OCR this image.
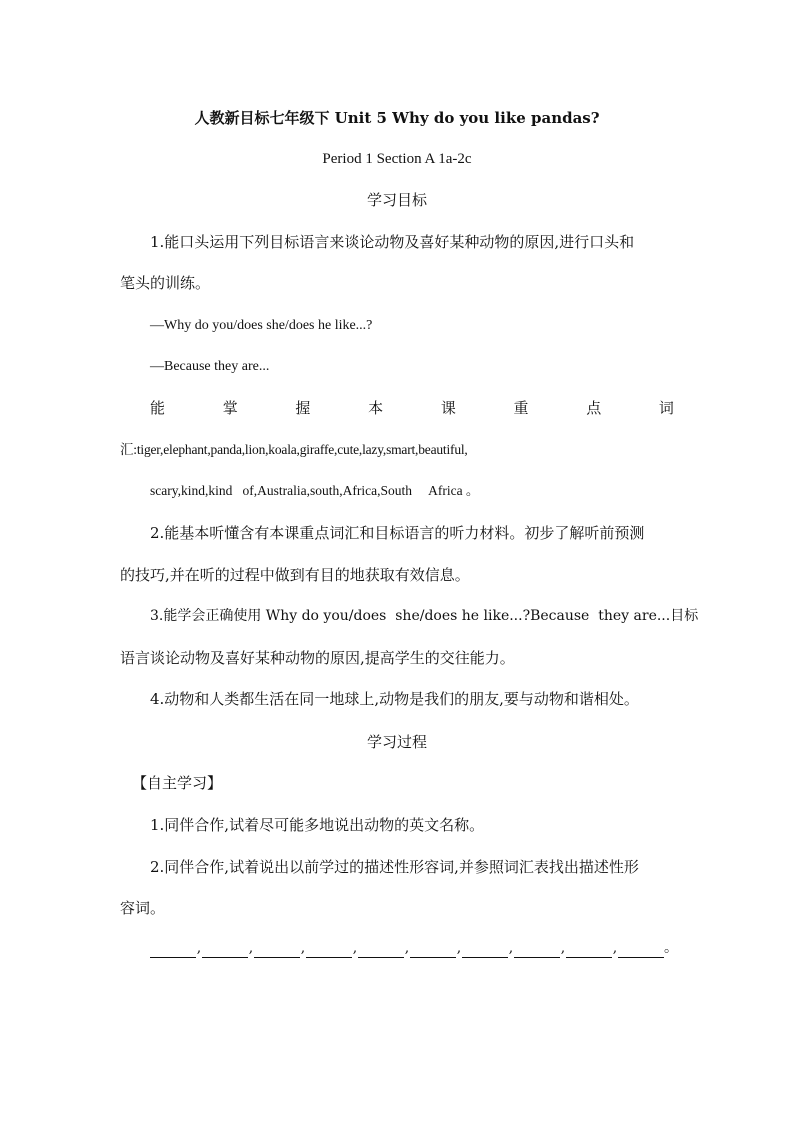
人教新目标七年级下 Unit 5 Why do you like pandas?
Period 1 Section A 1a-2c
学习目标
1.能口头运用下列目标语言来谈论动物及喜好某种动物的原因,进行口头和
笔头的训练。
—Why do you/does she/does he like...?
—Because they are...
能	掌	握	本	课	重	点	词
汇:tiger,elephant,panda,lion,koala,giraffe,cute,lazy,smart,beautiful,
scary,kind,kind   of,Australia,south,Africa,South     Africa 。
2.能基本听懂含有本课重点词汇和目标语言的听力材料。初步了解听前预测
的技巧,并在听的过程中做到有目的地获取有效信息。
3.能学会正确使用 Why do you/does  she/does he like...?Because  they are...目标
语言谈论动物及喜好某种动物的原因,提高学生的交往能力。
4.动物和人类都生活在同一地球上,动物是我们的朋友,要与动物和谐相处。
学习过程
【自主学习】
1.同伴合作,试着尽可能多地说出动物的英文名称。
2.同伴合作,试着说出以前学过的描述性形容词,并参照词汇表找出描述性形
容词。
,	,	,	,	,	,	,	,	,	。
